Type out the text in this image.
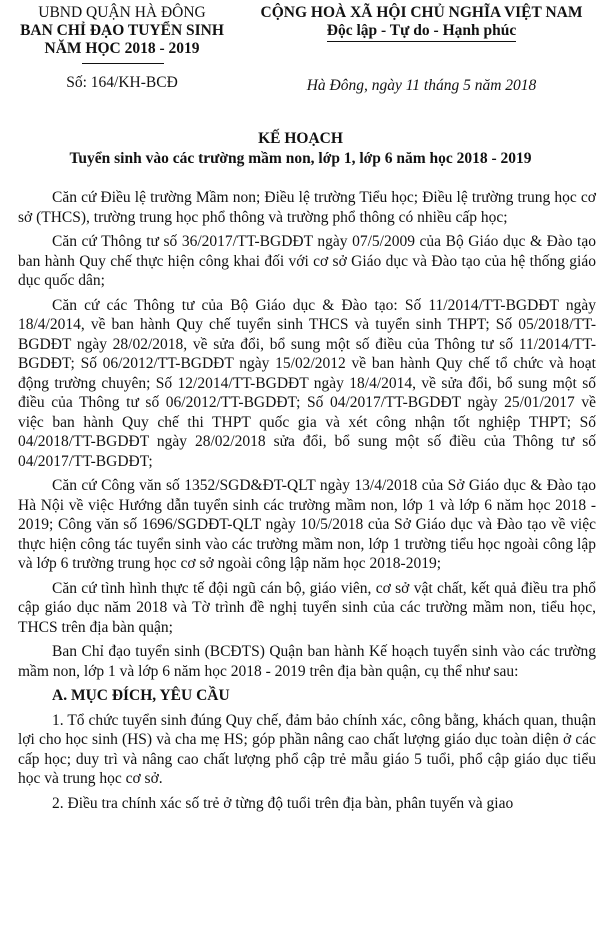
UBND QUẬN HÀ ĐÔNG
BAN CHỈ ĐẠO TUYỂN SINH
NĂM HỌC 2018 - 2019
Số: 164/KH-BCĐ
CỘNG HOÀ XÃ HỘI CHỦ NGHĨA VIỆT NAM
Độc lập - Tự do - Hạnh phúc
Hà Đông, ngày 11 tháng 5 năm 2018
KẾ HOẠCH
Tuyển sinh vào các trường mầm non, lớp 1, lớp 6 năm học 2018 - 2019

Căn cứ Điều lệ trường Mầm non; Điều lệ trường Tiểu học; Điều lệ trường trung học cơ sở (THCS), trường trung học phổ thông và trường phổ thông có nhiều cấp học;

Căn cứ Thông tư số 36/2017/TT-BGDĐT ngày 07/5/2009 của Bộ Giáo dục & Đào tạo ban hành Quy chế thực hiện công khai đối với cơ sở Giáo dục và Đào tạo của hệ thống giáo dục quốc dân;

Căn cứ các Thông tư của Bộ Giáo dục & Đào tạo: Số 11/2014/TT-BGDĐT ngày 18/4/2014, về ban hành Quy chế tuyển sinh THCS và tuyển sinh THPT; Số 05/2018/TT-BGDĐT ngày 28/02/2018, về sửa đổi, bổ sung một số điều của Thông tư số 11/2014/TT-BGDĐT; Số 06/2012/TT-BGDĐT ngày 15/02/2012 về ban hành Quy chế tổ chức và hoạt động trường chuyên; Số 12/2014/TT-BGDĐT ngày 18/4/2014, về sửa đổi, bổ sung một số điều của Thông tư số 06/2012/TT-BGDĐT; Số 04/2017/TT-BGDĐT ngày 25/01/2017 về việc ban hành Quy chế thi THPT quốc gia và xét công nhận tốt nghiệp THPT; Số 04/2018/TT-BGDĐT ngày 28/02/2018 sửa đổi, bổ sung một số điều của Thông tư số 04/2017/TT-BGDĐT;

Căn cứ Công văn số 1352/SGD&ĐT-QLT ngày 13/4/2018 của Sở Giáo dục & Đào tạo Hà Nội về việc Hướng dẫn tuyển sinh các trường mầm non, lớp 1 và lớp 6 năm học 2018 - 2019; Công văn số 1696/SGDĐT-QLT ngày 10/5/2018 của Sở Giáo dục và Đào tạo về việc thực hiện công tác tuyển sinh vào các trường mầm non, lớp 1 trường tiểu học ngoài công lập và lớp 6 trường trung học cơ sở ngoài công lập năm học 2018-2019;

Căn cứ tình hình thực tế đội ngũ cán bộ, giáo viên, cơ sở vật chất, kết quả điều tra phổ cập giáo dục năm 2018 và Tờ trình đề nghị tuyển sinh của các trường mầm non, tiểu học, THCS trên địa bàn quận;

Ban Chỉ đạo tuyển sinh (BCĐTS) Quận ban hành Kế hoạch tuyển sinh vào các trường mầm non, lớp 1 và lớp 6 năm học 2018 - 2019 trên địa bàn quận, cụ thể như sau:

A. MỤC ĐÍCH, YÊU CẦU

1. Tổ chức tuyển sinh đúng Quy chế, đảm bảo chính xác, công bằng, khách quan, thuận lợi cho học sinh (HS) và cha mẹ HS; góp phần nâng cao chất lượng giáo dục toàn diện ở các cấp học; duy trì và nâng cao chất lượng phổ cập trẻ mẫu giáo 5 tuổi, phổ cập giáo dục tiểu học và trung học cơ sở.

2. Điều tra chính xác số trẻ ở từng độ tuổi trên địa bàn, phân tuyến và giao
